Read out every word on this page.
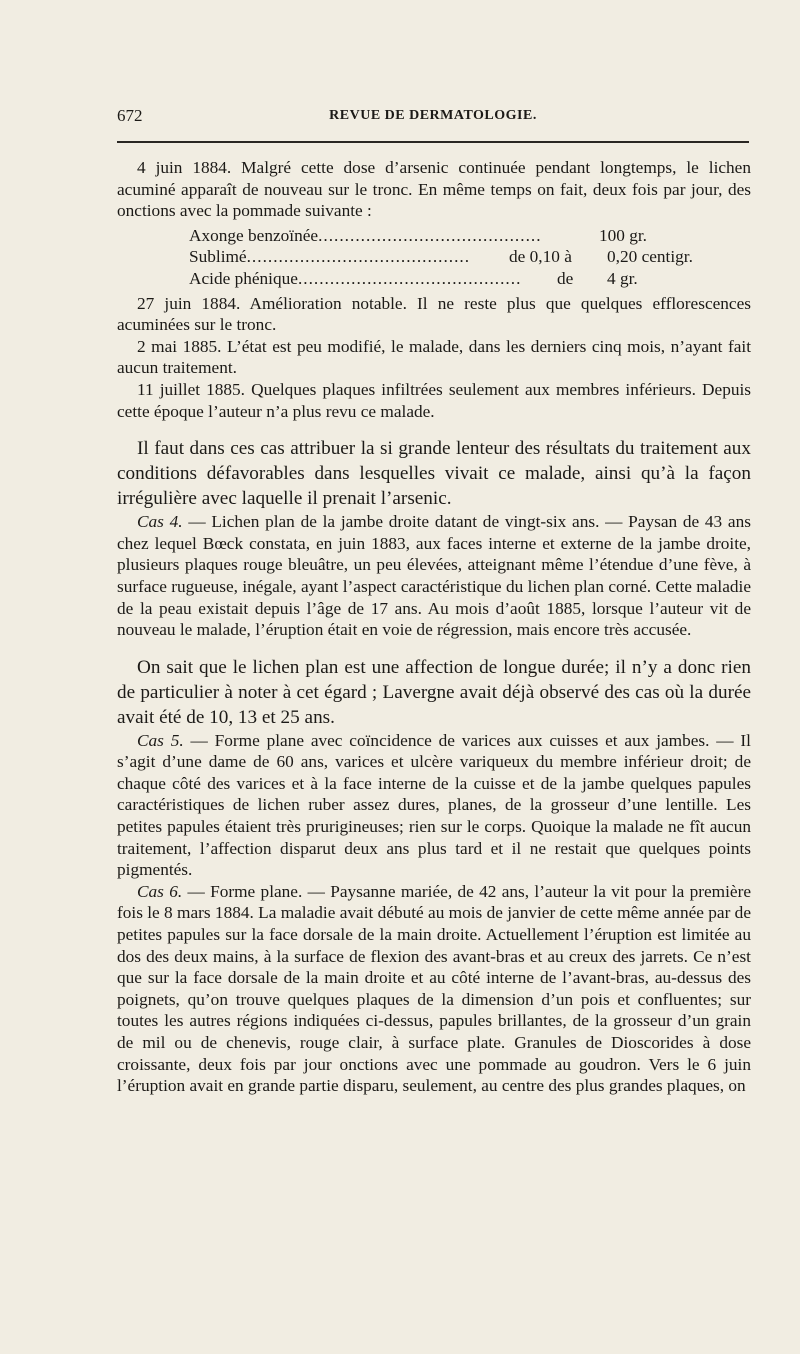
672	REVUE DE DERMATOLOGIE.

4 juin 1884. Malgré cette dose d’arsenic continuée pendant longtemps, le lichen acuminé apparaît de nouveau sur le tronc. En même temps on fait, deux fois par jour, des onctions avec la pommade suivante :

Axonge benzoïnée..........................................	100 gr.
Sublimé..........................................	de 0,10 à	0,20 centigr.
Acide phénique..........................................	de	4 gr.

27 juin 1884. Amélioration notable. Il ne reste plus que quelques efflorescences acuminées sur le tronc.

2 mai 1885. L’état est peu modifié, le malade, dans les derniers cinq mois, n’ayant fait aucun traitement.

11 juillet 1885. Quelques plaques infiltrées seulement aux membres inférieurs. Depuis cette époque l’auteur n’a plus revu ce malade.

Il faut dans ces cas attribuer la si grande lenteur des résultats du traitement aux conditions défavorables dans lesquelles vivait ce malade, ainsi qu’à la façon irrégulière avec laquelle il prenait l’arsenic.

Cas 4. — Lichen plan de la jambe droite datant de vingt-six ans. — Paysan de 43 ans chez lequel Bœck constata, en juin 1883, aux faces interne et externe de la jambe droite, plusieurs plaques rouge bleuâtre, un peu élevées, atteignant même l’étendue d’une fève, à surface rugueuse, inégale, ayant l’aspect caractéristique du lichen plan corné. Cette maladie de la peau existait depuis l’âge de 17 ans. Au mois d’août 1885, lorsque l’auteur vit de nouveau le malade, l’éruption était en voie de régression, mais encore très accusée.

On sait que le lichen plan est une affection de longue durée; il n’y a donc rien de particulier à noter à cet égard ; Lavergne avait déjà observé des cas où la durée avait été de 10, 13 et 25 ans.

Cas 5. — Forme plane avec coïncidence de varices aux cuisses et aux jambes. — Il s’agit d’une dame de 60 ans, varices et ulcère variqueux du membre inférieur droit; de chaque côté des varices et à la face interne de la cuisse et de la jambe quelques papules caractéristiques de lichen ruber assez dures, planes, de la grosseur d’une lentille. Les petites papules étaient très prurigineuses; rien sur le corps. Quoique la malade ne fît aucun traitement, l’affection disparut deux ans plus tard et il ne restait que quelques points pigmentés.

Cas 6. — Forme plane. — Paysanne mariée, de 42 ans, l’auteur la vit pour la première fois le 8 mars 1884. La maladie avait débuté au mois de janvier de cette même année par de petites papules sur la face dorsale de la main droite. Actuellement l’éruption est limitée au dos des deux mains, à la surface de flexion des avant-bras et au creux des jarrets. Ce n’est que sur la face dorsale de la main droite et au côté interne de l’avant-bras, au-dessus des poignets, qu’on trouve quelques plaques de la dimension d’un pois et confluentes; sur toutes les autres régions indiquées ci-dessus, papules brillantes, de la grosseur d’un grain de mil ou de chenevis, rouge clair, à surface plate. Granules de Dioscorides à dose croissante, deux fois par jour onctions avec une pommade au goudron. Vers le 6 juin l’éruption avait en grande partie disparu, seulement, au centre des plus grandes plaques, on
